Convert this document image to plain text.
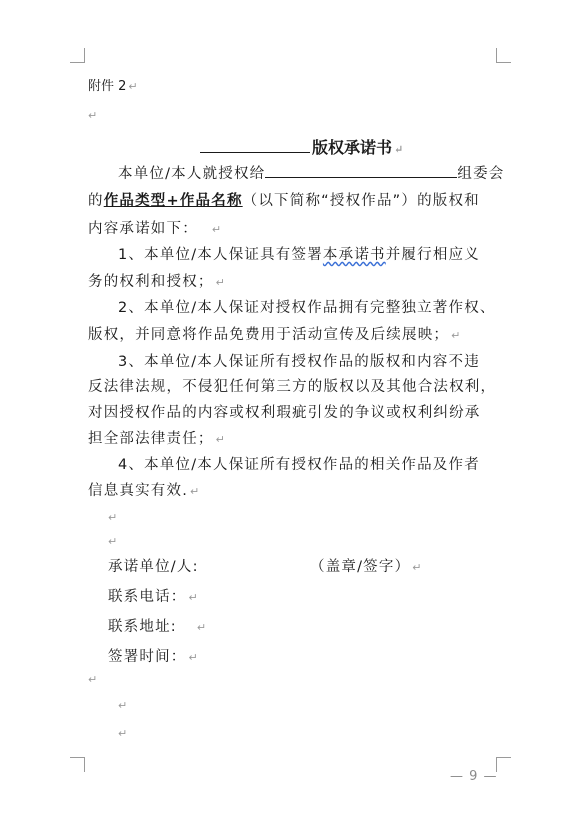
附件 2 ↵
↵
版权承诺书 ↵
本单位/本人就授权给	组委会
的作品类型+作品名称（以下简称“授权作品”）的版权和
内容承诺如下： ↵
1、本单位/本人保证具有签署本承诺书并履行相应义
务的权利和授权； ↵
2、本单位/本人保证对授权作品拥有完整独立著作权、
版权，并同意将作品免费用于活动宣传及后续展映； ↵
3、本单位/本人保证所有授权作品的版权和内容不违
反法律法规，不侵犯任何第三方的版权以及其他合法权利，
对因授权作品的内容或权利瑕疵引发的争议或权利纠纷承
担全部法律责任； ↵
4、本单位/本人保证所有授权作品的相关作品及作者
信息真实有效. ↵
↵
↵
承诺单位/人:	（盖章/签字） ↵
联系电话： ↵
联系地址: ↵
签署时间： ↵
↵
↵
↵
— 9 —
